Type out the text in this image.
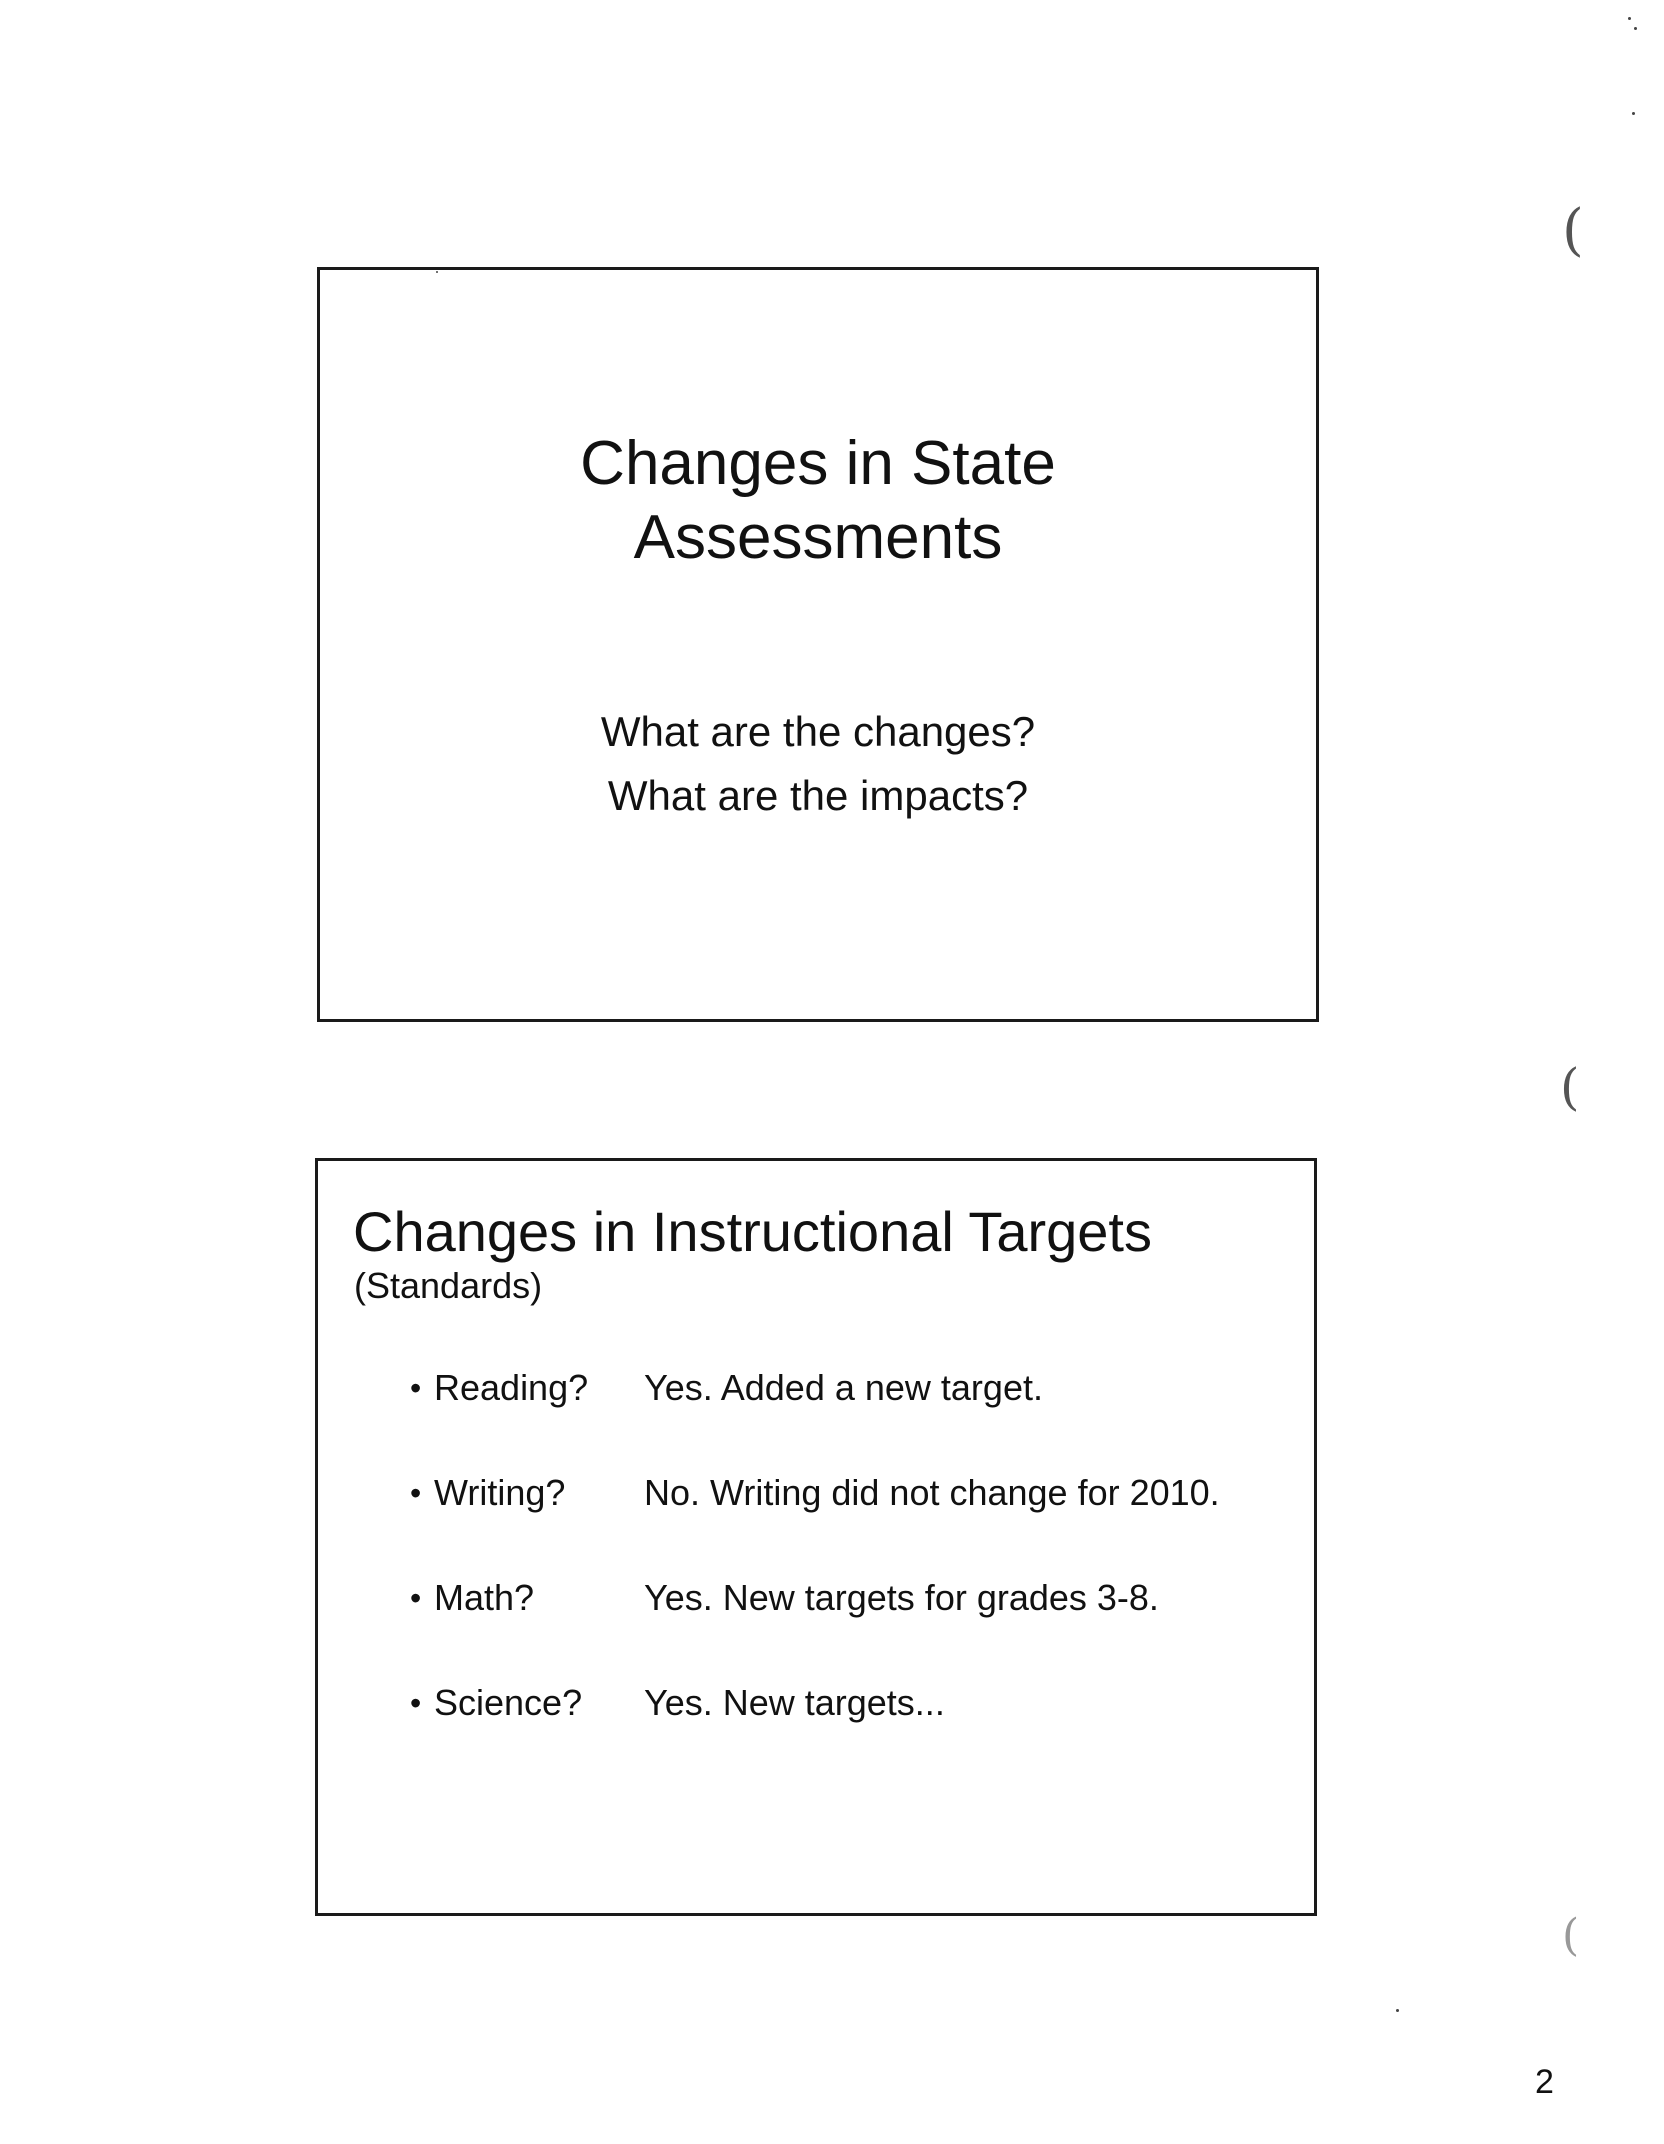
Changes in State
Assessments
What are the changes?
What are the impacts?
Changes in Instructional Targets
(Standards)
• Reading?	Yes. Added a new target.
• Writing?	No. Writing did not change for 2010.
• Math?	Yes. New targets for grades 3-8.
• Science?	Yes. New targets...
2
(
(
(
